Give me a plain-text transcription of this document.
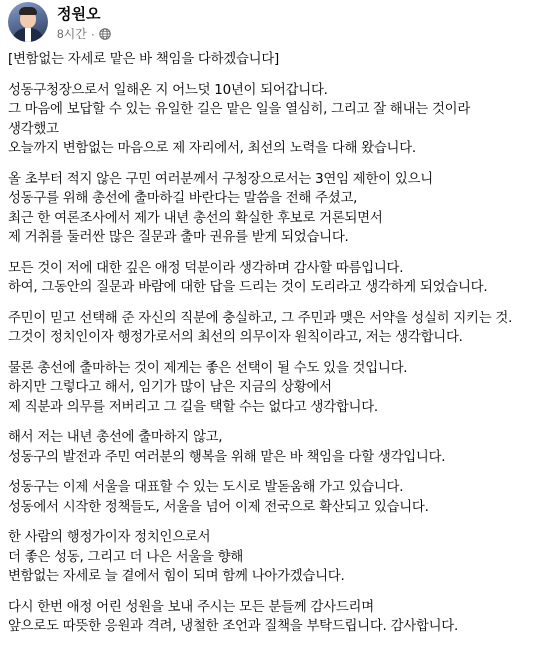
정원오
8시간 ·
[변함없는 자세로 맡은 바 책임을 다하겠습니다]
성동구청장으로서 일해온 지 어느덧 10년이 되어갑니다.
그 마음에 보답할 수 있는 유일한 길은 맡은 일을 열심히, 그리고 잘 해내는 것이라
생각했고
오늘까지 변함없는 마음으로 제 자리에서, 최선의 노력을 다해 왔습니다.
올 초부터 적지 않은 구민 여러분께서 구청장으로서는 3연임 제한이 있으니
성동구를 위해 총선에 출마하길 바란다는 말씀을 전해 주셨고,
최근 한 여론조사에서 제가 내년 총선의 확실한 후보로 거론되면서
제 거취를 둘러싼 많은 질문과 출마 권유를 받게 되었습니다.
모든 것이 저에 대한 깊은 애정 덕분이라 생각하며 감사할 따름입니다.
하여, 그동안의 질문과 바람에 대한 답을 드리는 것이 도리라고 생각하게 되었습니다.
주민이 믿고 선택해 준 자신의 직분에 충실하고, 그 주민과 맺은 서약을 성실히 지키는 것.
그것이 정치인이자 행정가로서의 최선의 의무이자 원칙이라고, 저는 생각합니다.
물론 총선에 출마하는 것이 제게는 좋은 선택이 될 수도 있을 것입니다.
하지만 그렇다고 해서, 임기가 많이 남은 지금의 상황에서
제 직분과 의무를 저버리고 그 길을 택할 수는 없다고 생각합니다.
해서 저는 내년 총선에 출마하지 않고,
성동구의 발전과 주민 여러분의 행복을 위해 맡은 바 책임을 다할 생각입니다.
성동구는 이제 서울을 대표할 수 있는 도시로 발돋움해 가고 있습니다.
성동에서 시작한 정책들도, 서울을 넘어 이제 전국으로 확산되고 있습니다.
한 사람의 행정가이자 정치인으로서
더 좋은 성동, 그리고 더 나은 서울을 향해
변함없는 자세로 늘 곁에서 힘이 되며 함께 나아가겠습니다.
다시 한번 애정 어린 성원을 보내 주시는 모든 분들께 감사드리며
앞으로도 따뜻한 응원과 격려, 냉철한 조언과 질책을 부탁드립니다. 감사합니다.
